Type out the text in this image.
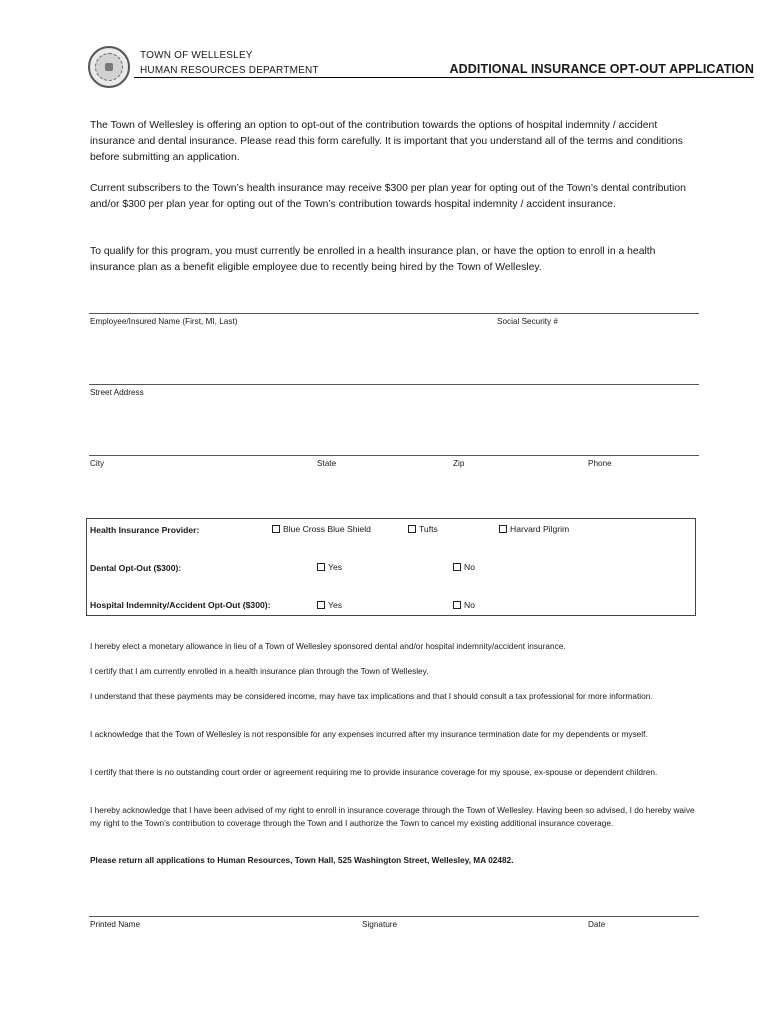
TOWN OF WELLESLEY
HUMAN RESOURCES DEPARTMENT	ADDITIONAL INSURANCE OPT-OUT APPLICATION

The Town of Wellesley is offering an option to opt-out of the contribution towards the options of hospital indemnity / accident insurance and dental insurance. Please read this form carefully. It is important that you understand all of the terms and conditions before submitting an application.

Current subscribers to the Town’s health insurance may receive $300 per plan year for opting out of the Town’s dental contribution and/or $300 per plan year for opting out of the Town’s contribution towards hospital indemnity / accident insurance.

To qualify for this program, you must currently be enrolled in a health insurance plan, or have the option to enroll in a health insurance plan as a benefit eligible employee due to recently being hired by the Town of Wellesley.

Employee/Insured Name (First, MI, Last)	Social Security #
Street Address
City	State	Zip	Phone
Health Insurance Provider:	Blue Cross Blue Shield	Tufts	Harvard Pilgrim
Dental Opt-Out ($300):	Yes	No
Hospital Indemnity/Accident Opt-Out ($300):	Yes	No

I hereby elect a monetary allowance in lieu of a Town of Wellesley sponsored dental and/or hospital indemnity/accident insurance.

I certify that I am currently enrolled in a health insurance plan through the Town of Wellesley.

I understand that these payments may be considered income, may have tax implications and that I should consult a tax professional for more information.

I acknowledge that the Town of Wellesley is not responsible for any expenses incurred after my insurance termination date for my dependents or myself.

I certify that there is no outstanding court order or agreement requiring me to provide insurance coverage for my spouse, ex-spouse or dependent children.

I hereby acknowledge that I have been advised of my right to enroll in insurance coverage through the Town of Wellesley. Having been so advised, I do hereby waive my right to the Town’s contribution to coverage through the Town and I authorize the Town to cancel my existing additional insurance coverage.

Please return all applications to Human Resources, Town Hall, 525 Washington Street, Wellesley, MA 02482.

Printed Name	Signature	Date
